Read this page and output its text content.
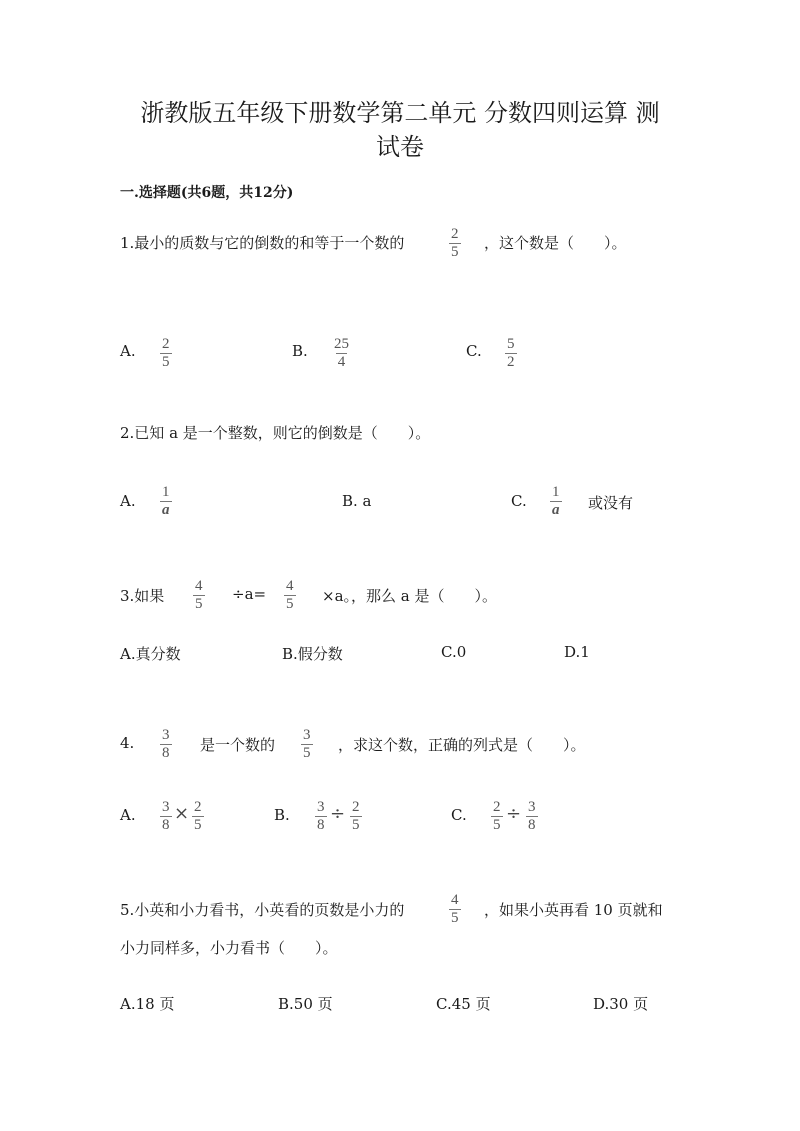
浙教版五年级下册数学第二单元 分数四则运算 测
试卷
一.选择题(共6题，共12分)
1.最小的质数与它的倒数的和等于一个数的	$\frac{2}{5}$ ，这个数是（　　）。
A. $\frac{2}{5}$	B. $\frac{25}{4}$	C. $\frac{5}{2}$
2.已知 a 是一个整数，则它的倒数是（　　）。
A. $\frac{1}{a}$	B. a	C. $\frac{1}{a}$ 或没有
3.如果 $\frac{4}{5} \div a= \frac{4}{5} \times a$。，那么 a 是（　　）。
A.真分数	B.假分数	C.0	D.1
4. $\frac{3}{8}$ 是一个数的 $\frac{3}{5}$ ，求这个数，正确的列式是（　　）。
A. $\frac{3}{8} \times \frac{2}{5}$	B. $\frac{3}{8} \div \frac{2}{5}$	C. $\frac{2}{5} \div \frac{3}{8}$
5.小英和小力看书，小英看的页数是小力的	$\frac{4}{5}$ ，如果小英再看 10 页就和
小力同样多，小力看书（　　）。
A.18 页	B.50 页	C.45 页	D.30 页
